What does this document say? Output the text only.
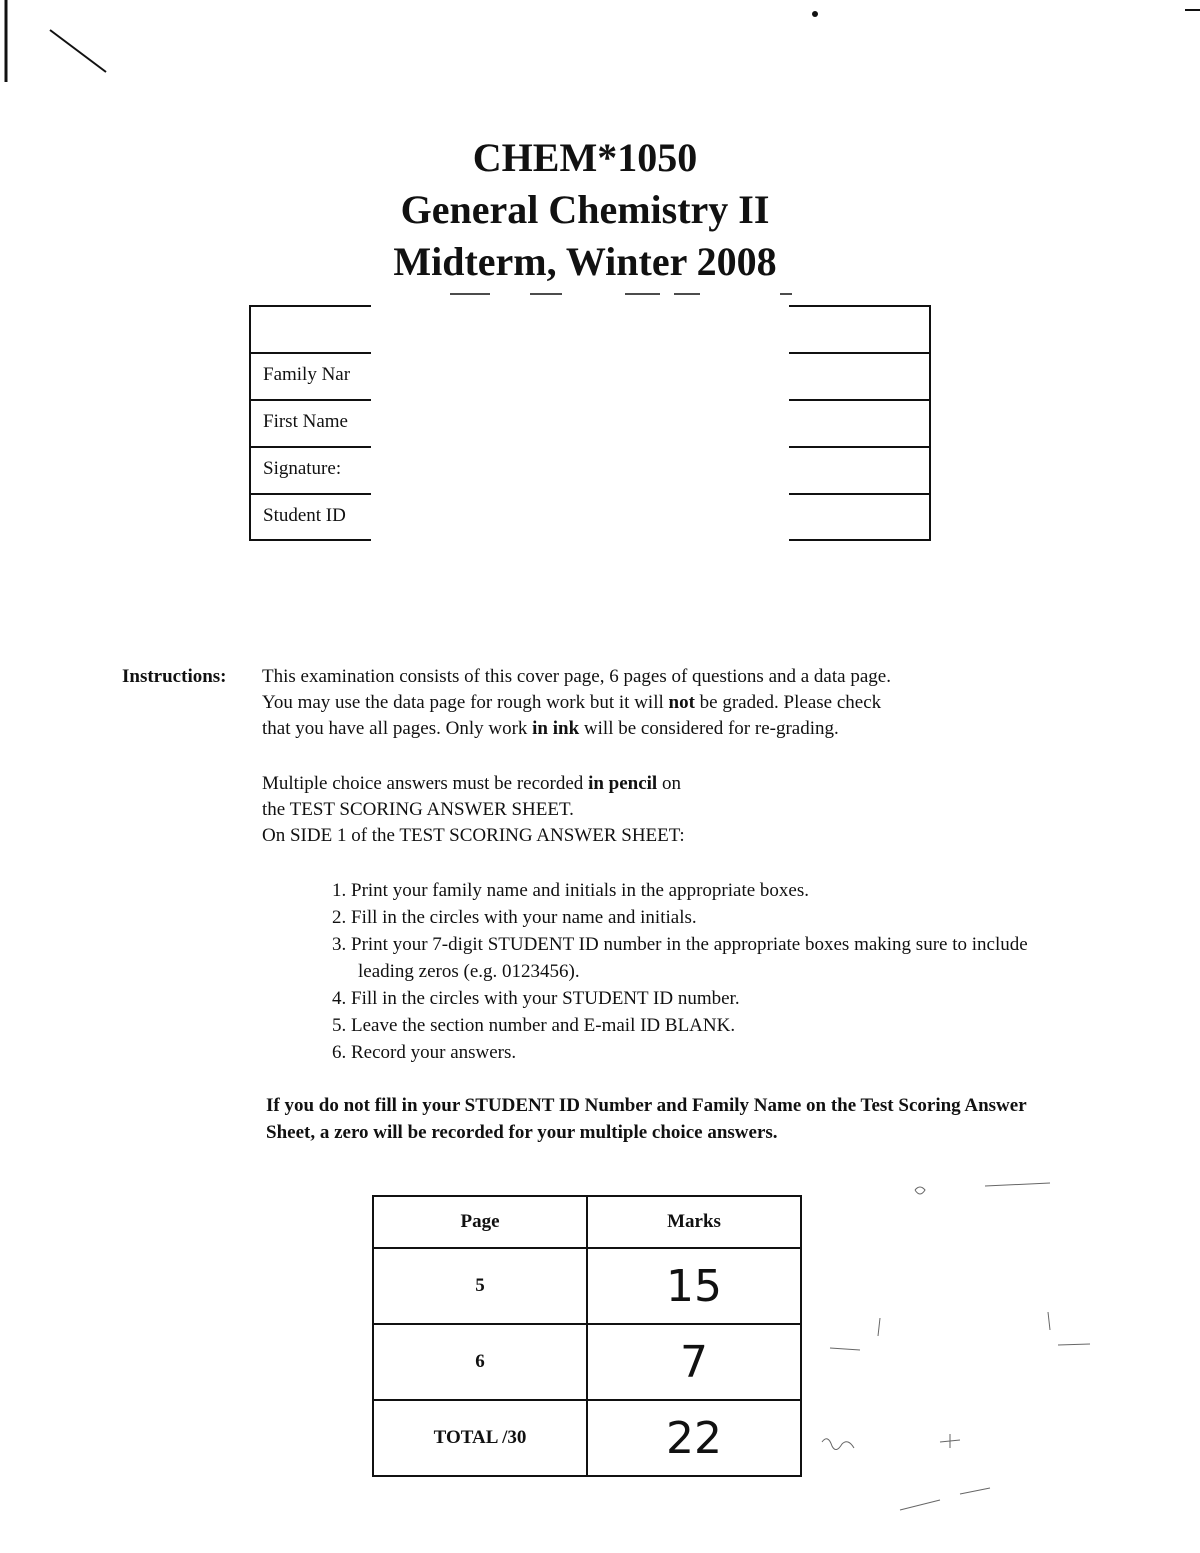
CHEM*1050
General Chemistry II
Midterm, Winter 2008
Family Nar
First Name
Signature:
Student ID
Instructions: This examination consists of this cover page, 6 pages of questions and a data page.
You may use the data page for rough work but it will not be graded. Please check
that you have all pages. Only work in ink will be considered for re-grading.
Multiple choice answers must be recorded in pencil on
the TEST SCORING ANSWER SHEET.
On SIDE 1 of the TEST SCORING ANSWER SHEET:
1. Print your family name and initials in the appropriate boxes.
2. Fill in the circles with your name and initials.
3. Print your 7-digit STUDENT ID number in the appropriate boxes making sure to include leading zeros (e.g. 0123456).
4. Fill in the circles with your STUDENT ID number.
5. Leave the section number and E-mail ID BLANK.
6. Record your answers.
If you do not fill in your STUDENT ID Number and Family Name on the Test Scoring Answer Sheet, a zero will be recorded for your multiple choice answers.
Page	Marks
5	15
6	7
TOTAL /30	22
